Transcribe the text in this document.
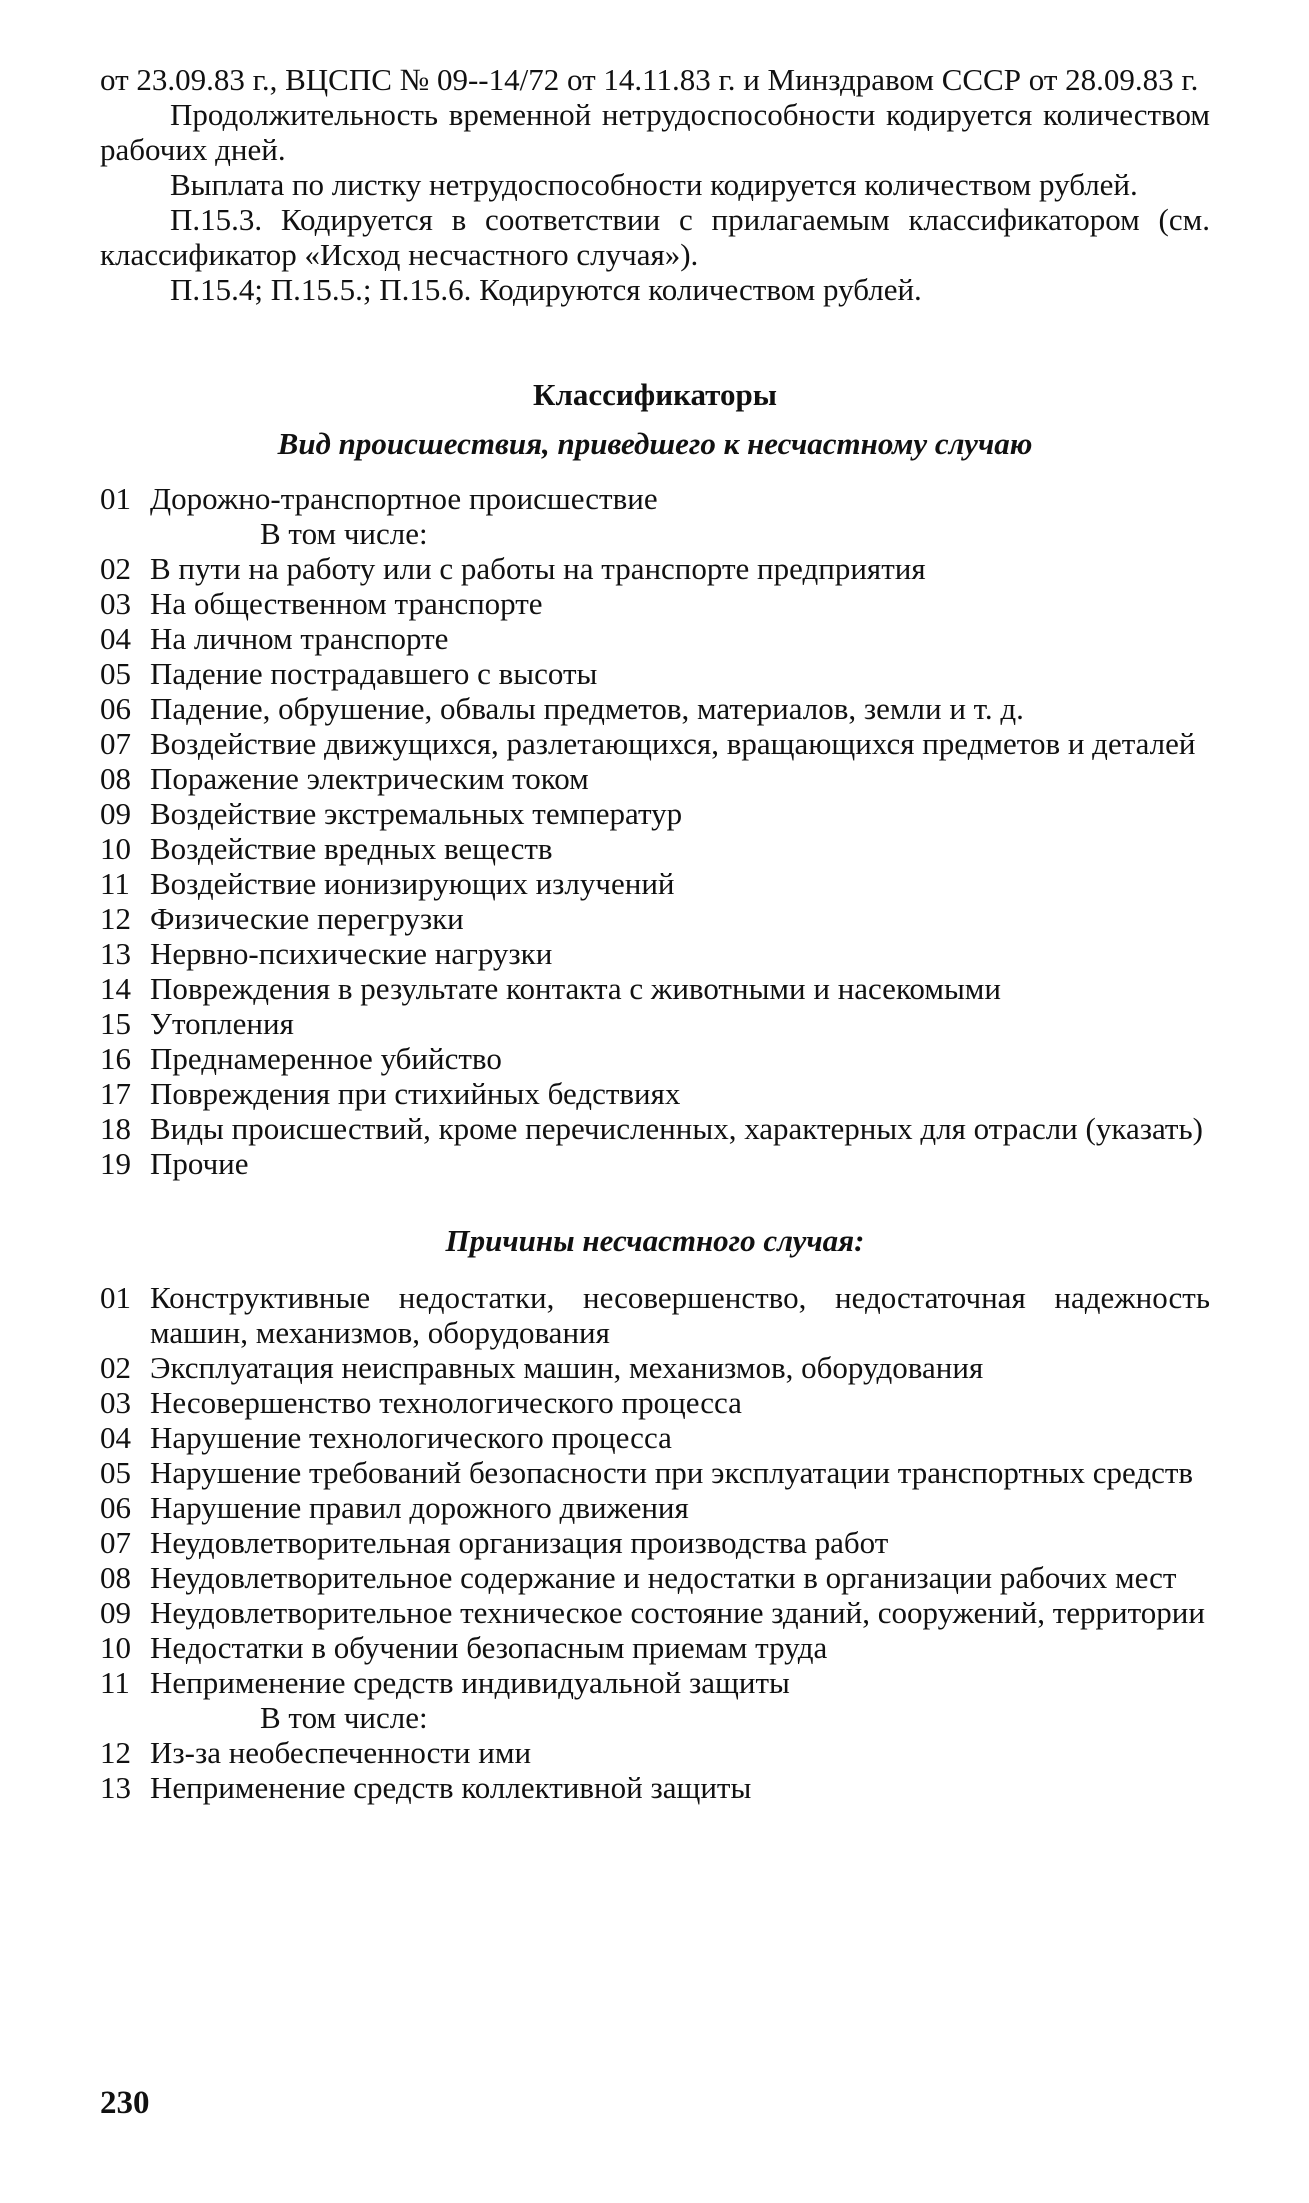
от 23.09.83 г., ВЦСПС № 09--14/72 от 14.11.83 г. и Минздравом СССР от 28.09.83 г.

Продолжительность временной нетрудоспособности кодируется количеством рабочих дней.

Выплата по листку нетрудоспособности кодируется количеством рублей.

П.15.3. Кодируется в соответствии с прилагаемым классификатором (см. классификатор «Исход несчастного случая»).

П.15.4; П.15.5.; П.15.6. Кодируются количеством рублей.

Классификаторы
Вид происшествия, приведшего к несчастному случаю
01 Дорожно-транспортное происшествие
В том числе:
02 В пути на работу или с работы на транспорте предприятия
03 На общественном транспорте
04 На личном транспорте
05 Падение пострадавшего с высоты
06 Падение, обрушение, обвалы предметов, материалов, земли и т. д.
07 Воздействие движущихся, разлетающихся, вращающихся предметов и деталей
08 Поражение электрическим током
09 Воздействие экстремальных температур
10 Воздействие вредных веществ
11 Воздействие ионизирующих излучений
12 Физические перегрузки
13 Нервно-психические нагрузки
14 Повреждения в результате контакта с животными и насекомыми
15 Утопления
16 Преднамеренное убийство
17 Повреждения при стихийных бедствиях
18 Виды происшествий, кроме перечисленных, характерных для отрасли (указать)
19 Прочие
Причины несчастного случая:
01 Конструктивные недостатки, несовершенство, недостаточная надежность машин, механизмов, оборудования
02 Эксплуатация неисправных машин, механизмов, оборудования
03 Несовершенство технологического процесса
04 Нарушение технологического процесса
05 Нарушение требований безопасности при эксплуатации транспортных средств
06 Нарушение правил дорожного движения
07 Неудовлетворительная организация производства работ
08 Неудовлетворительное содержание и недостатки в организации рабочих мест
09 Неудовлетворительное техническое состояние зданий, сооружений, территории
10 Недостатки в обучении безопасным приемам труда
11 Неприменение средств индивидуальной защиты
В том числе:
12 Из-за необеспеченности ими
13 Неприменение средств коллективной защиты
230
